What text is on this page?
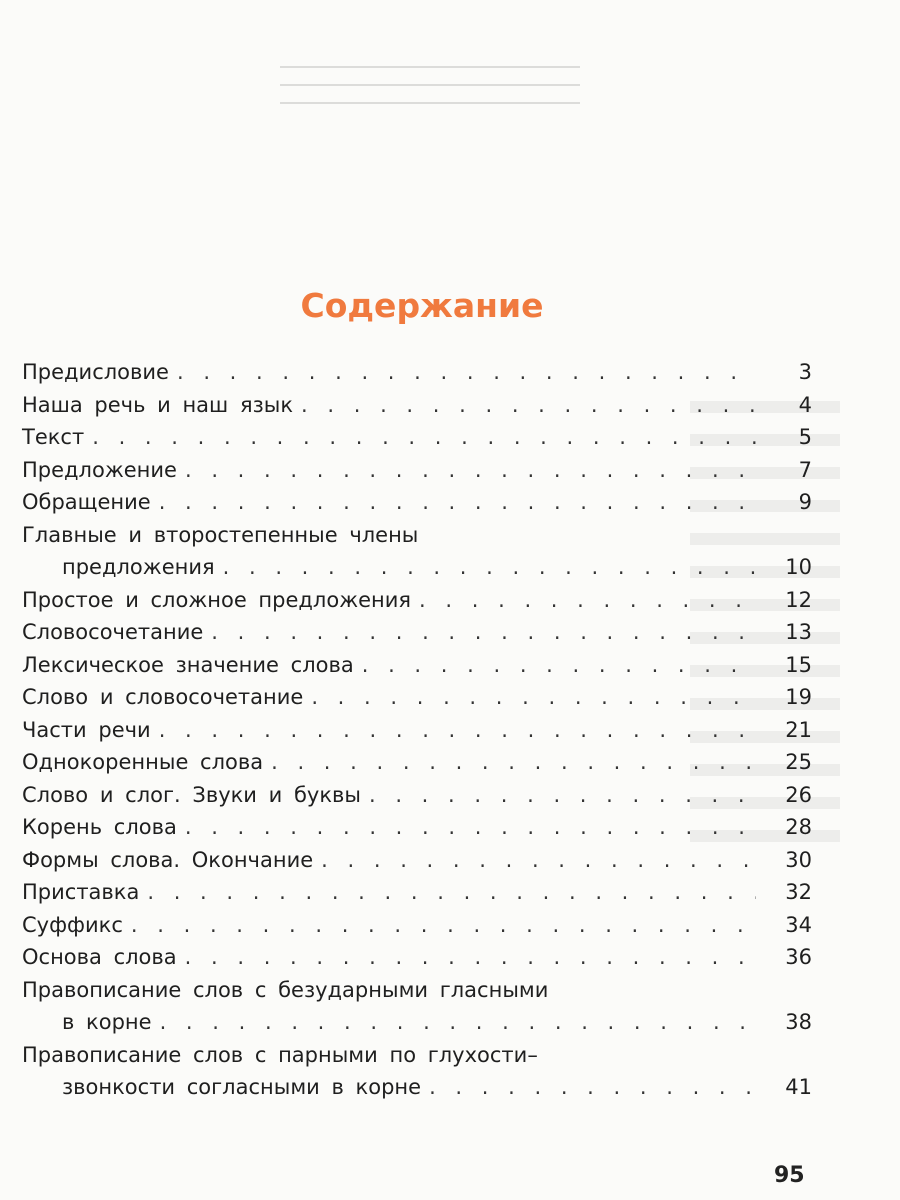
Содержание
Предисловие . . .	3
Наша речь и наш язык . . .	4
Текст . . .	5
Предложение . . .	7
Обращение . . .	9
Главные и второстепенные члены
предложения . . .	10
Простое и сложное предложения . . .	12
Словосочетание . . .	13
Лексическое значение слова . . .	15
Слово и словосочетание . . .	19
Части речи . . .	21
Однокоренные слова . . .	25
Слово и слог. Звуки и буквы . . .	26
Корень слова . . .	28
Формы слова. Окончание . . .	30
Приставка . . .	32
Суффикс . . .	34
Основа слова . . .	36
Правописание слов с безударными гласными
в корне . . .	38
Правописание слов с парными по глухости–
звонкости согласными в корне . . .	41
95
